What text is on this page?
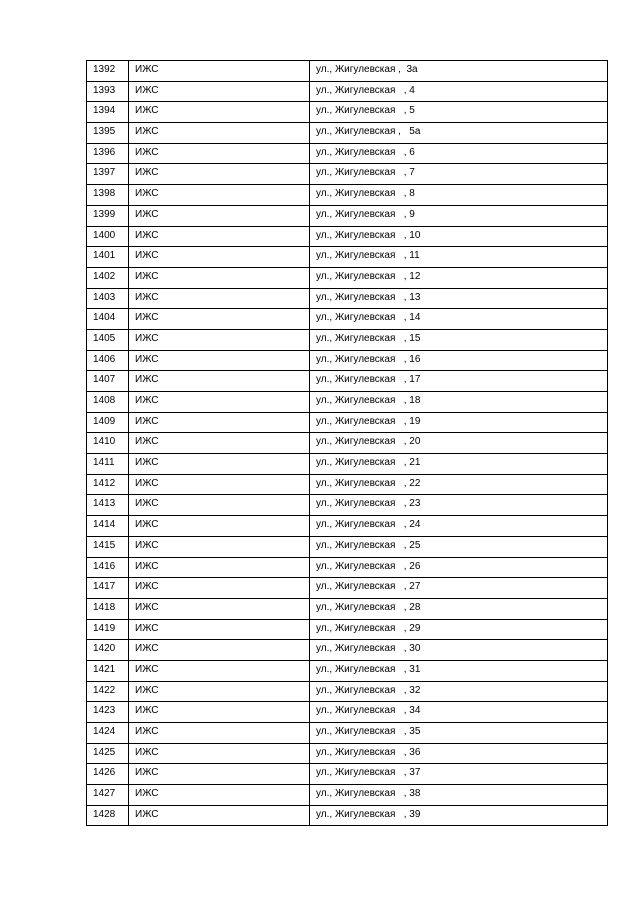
1392	ИЖС	ул., Жигулевская ,  3а
1393	ИЖС	ул., Жигулевская   , 4
1394	ИЖС	ул., Жигулевская   , 5
1395	ИЖС	ул., Жигулевская ,   5а
1396	ИЖС	ул., Жигулевская   , 6
1397	ИЖС	ул., Жигулевская   , 7
1398	ИЖС	ул., Жигулевская   , 8
1399	ИЖС	ул., Жигулевская   , 9
1400	ИЖС	ул., Жигулевская   , 10
1401	ИЖС	ул., Жигулевская   , 11
1402	ИЖС	ул., Жигулевская   , 12
1403	ИЖС	ул., Жигулевская   , 13
1404	ИЖС	ул., Жигулевская   , 14
1405	ИЖС	ул., Жигулевская   , 15
1406	ИЖС	ул., Жигулевская   , 16
1407	ИЖС	ул., Жигулевская   , 17
1408	ИЖС	ул., Жигулевская   , 18
1409	ИЖС	ул., Жигулевская   , 19
1410	ИЖС	ул., Жигулевская   , 20
1411	ИЖС	ул., Жигулевская   , 21
1412	ИЖС	ул., Жигулевская   , 22
1413	ИЖС	ул., Жигулевская   , 23
1414	ИЖС	ул., Жигулевская   , 24
1415	ИЖС	ул., Жигулевская   , 25
1416	ИЖС	ул., Жигулевская   , 26
1417	ИЖС	ул., Жигулевская   , 27
1418	ИЖС	ул., Жигулевская   , 28
1419	ИЖС	ул., Жигулевская   , 29
1420	ИЖС	ул., Жигулевская   , 30
1421	ИЖС	ул., Жигулевская   , 31
1422	ИЖС	ул., Жигулевская   , 32
1423	ИЖС	ул., Жигулевская   , 34
1424	ИЖС	ул., Жигулевская   , 35
1425	ИЖС	ул., Жигулевская   , 36
1426	ИЖС	ул., Жигулевская   , 37
1427	ИЖС	ул., Жигулевская   , 38
1428	ИЖС	ул., Жигулевская   , 39
